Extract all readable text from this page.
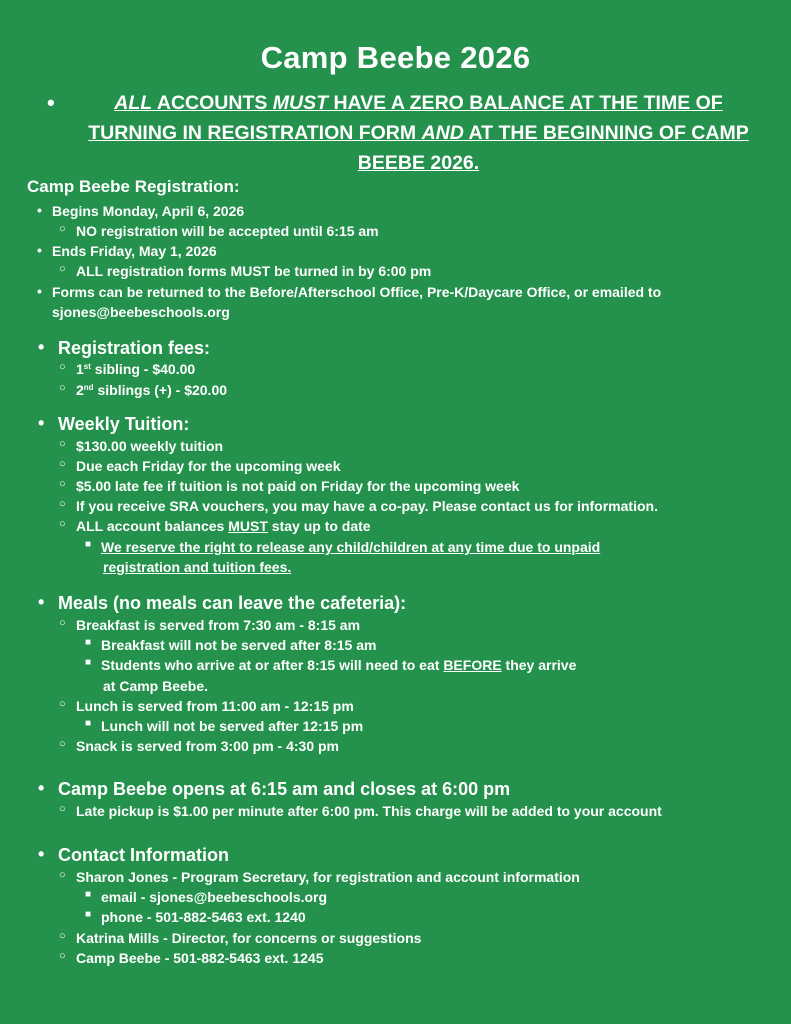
Camp Beebe 2026
•	ALL ACCOUNTS MUST HAVE A ZERO BALANCE AT THE TIME OF TURNING IN REGISTRATION FORM AND AT THE BEGINNING OF CAMP BEEBE 2026.
Camp Beebe Registration:
• Begins Monday, April 6, 2026
○ NO registration will be accepted until 6:15 am
• Ends Friday, May 1, 2026
○ ALL registration forms MUST be turned in by 6:00 pm
• Forms can be returned to the Before/Afterschool Office, Pre-K/Daycare Office, or emailed to
sjones@beebeschools.org
• Registration fees:
○ 1st sibling - $40.00
○ 2nd siblings (+) - $20.00
• Weekly Tuition:
○ $130.00 weekly tuition
○ Due each Friday for the upcoming week
○ $5.00 late fee if tuition is not paid on Friday for the upcoming week
○ If you receive SRA vouchers, you may have a co-pay. Please contact us for information.
○ ALL account balances MUST stay up to date
■ We reserve the right to release any child/children at any time due to unpaid
registration and tuition fees.
• Meals (no meals can leave the cafeteria):
○ Breakfast is served from 7:30 am - 8:15 am
■ Breakfast will not be served after 8:15 am
■ Students who arrive at or after 8:15 will need to eat BEFORE they arrive
at Camp Beebe.
○ Lunch is served from 11:00 am - 12:15 pm
■ Lunch will not be served after 12:15 pm
○ Snack is served from 3:00 pm - 4:30 pm
• Camp Beebe opens at 6:15 am and closes at 6:00 pm
○ Late pickup is $1.00 per minute after 6:00 pm. This charge will be added to your account
• Contact Information
○ Sharon Jones - Program Secretary, for registration and account information
■ email - sjones@beebeschools.org
■ phone - 501-882-5463 ext. 1240
○ Katrina Mills - Director, for concerns or suggestions
○ Camp Beebe - 501-882-5463 ext. 1245
